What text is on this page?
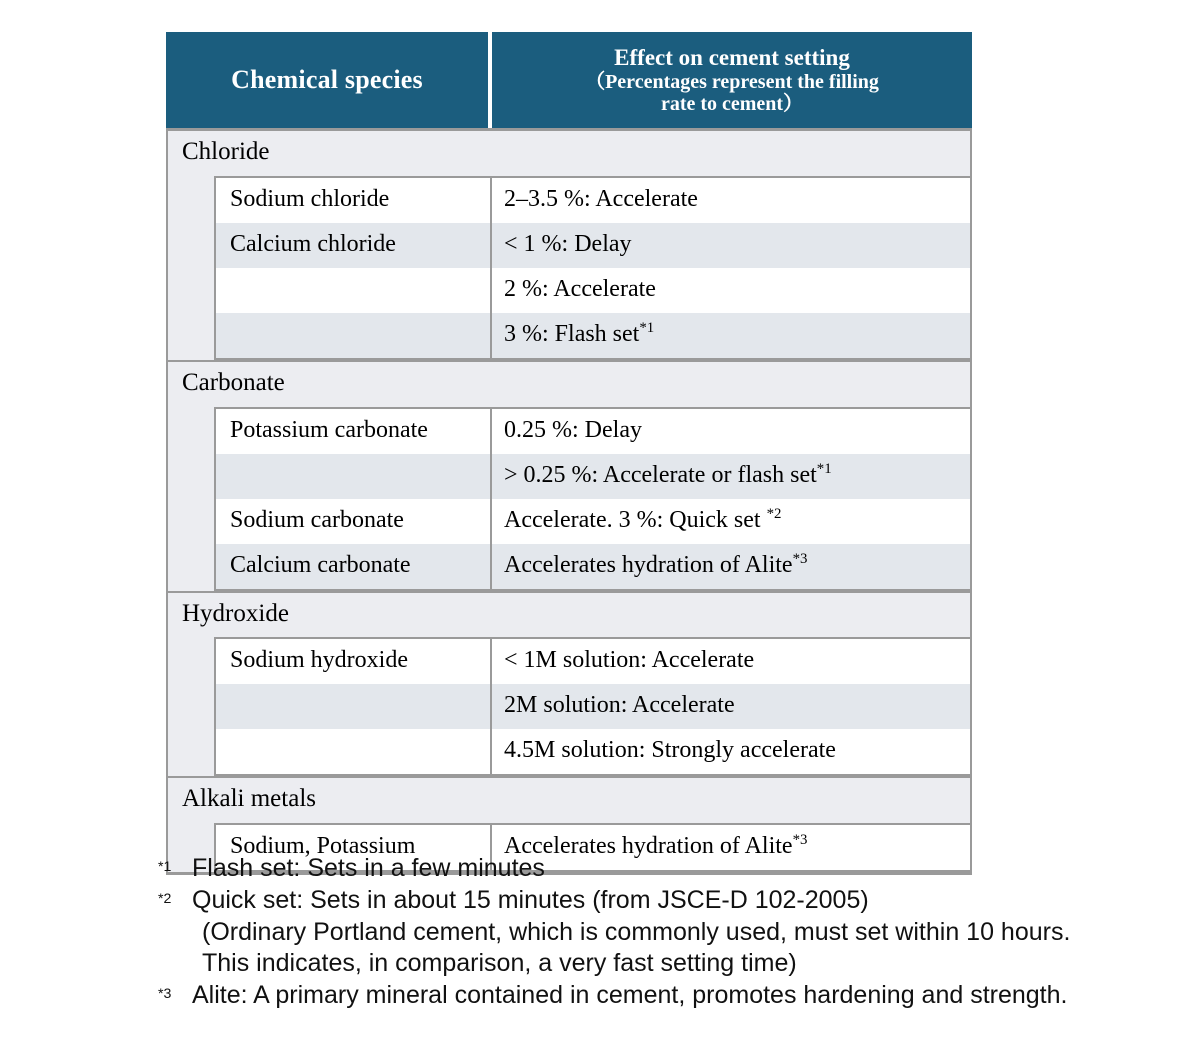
Chemical species		Effect on cement setting
（Percentages represent the filling
rate to cement）

Chloride		
	Sodium chloride	2–3.5 %: Accelerate
	Calcium chloride	< 1 %: Delay
		2 %: Accelerate
		3 %: Flash set$^{*1}$
Carbonate		
	Potassium carbonate	0.25 %: Delay
		> 0.25 %: Accelerate or flash set$^{*1}$
	Sodium carbonate	Accelerate. 3 %: Quick set $^{*2}$
	Calcium carbonate	Accelerates hydration of Alite$^{*3}$
Hydroxide		
	Sodium hydroxide	< 1M solution: Accelerate
		2M solution: Accelerate
		4.5M solution: Strongly accelerate
Alkali metals		
	Sodium, Potassium	Accelerates hydration of Alite$^{*3}$

*1 Flash set: Sets in a few minutes
*2 Quick set: Sets in about 15 minutes (from JSCE-D 102-2005)
(Ordinary Portland cement, which is commonly used, must set within 10 hours.
This indicates, in comparison, a very fast setting time)
*3 Alite: A primary mineral contained in cement, promotes hardening and strength.
